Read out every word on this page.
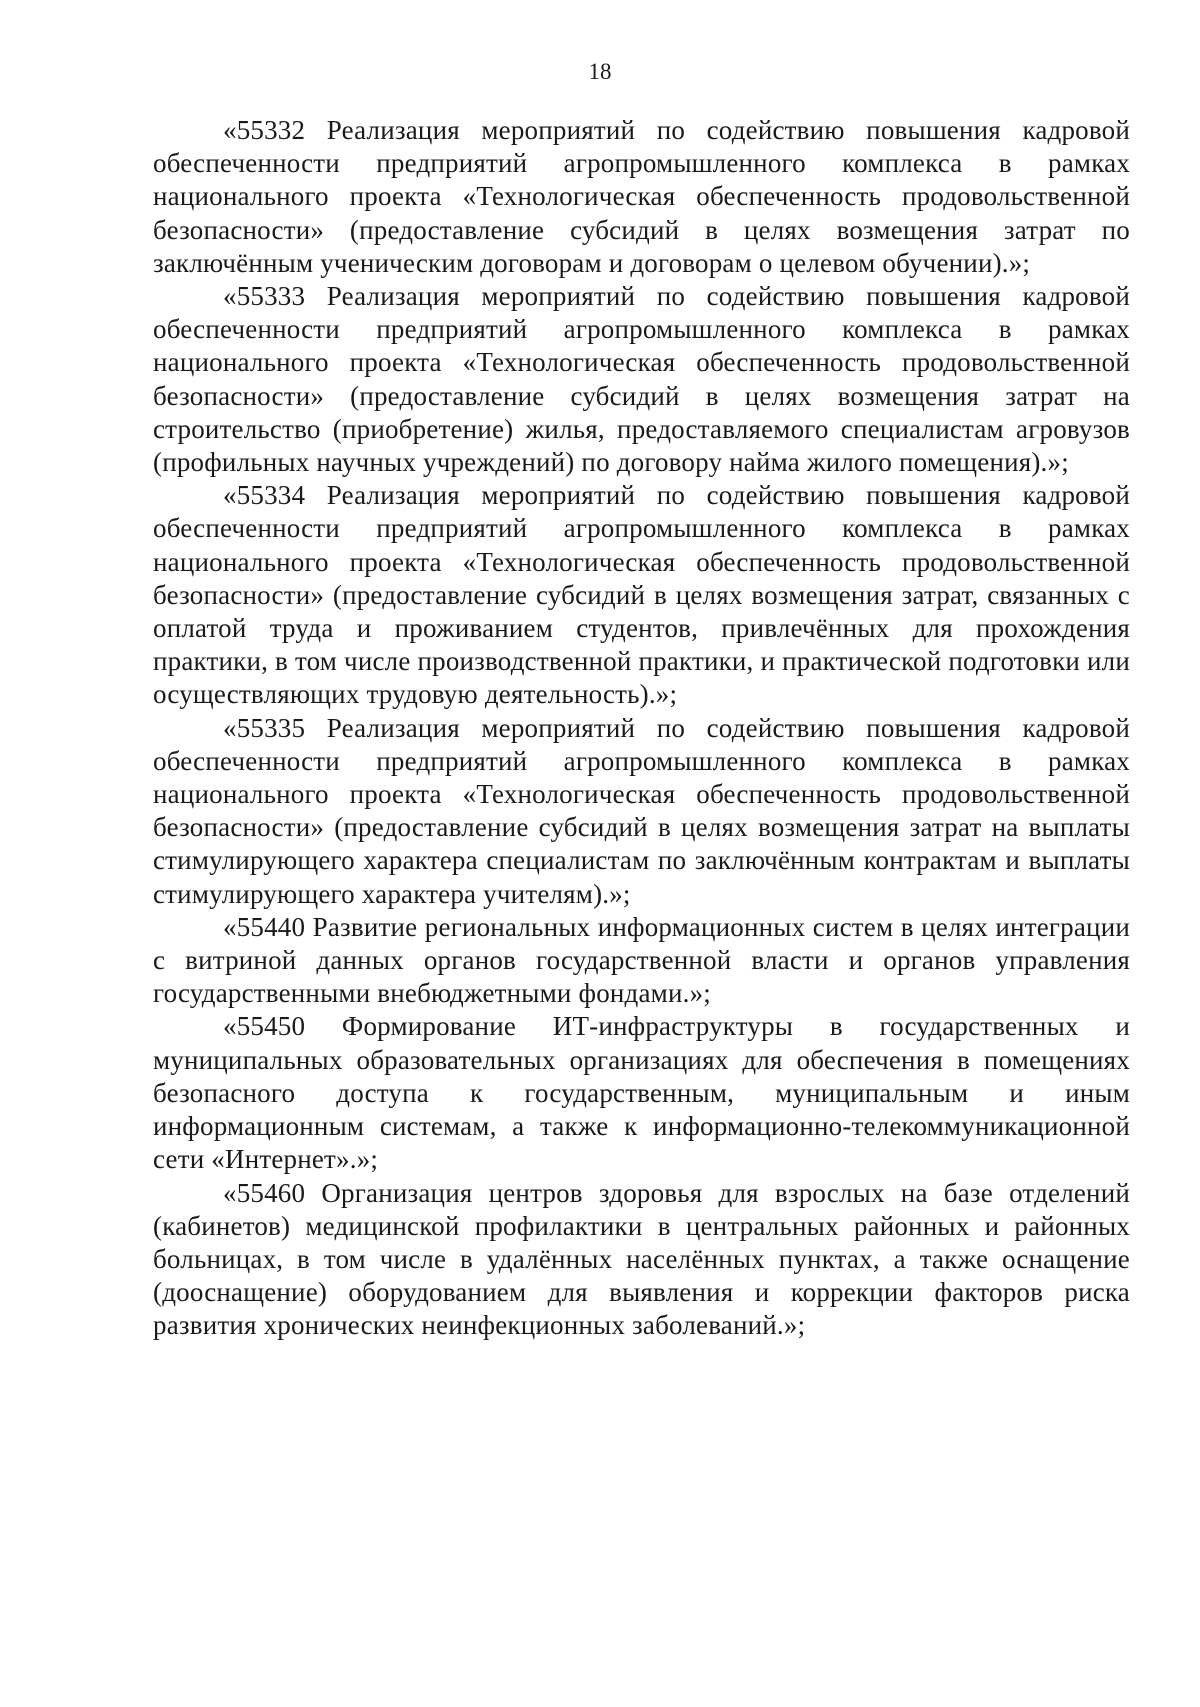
18

«55332 Реализация мероприятий по содействию повышения кадровой обеспеченности предприятий агропромышленного комплекса в рамках национального проекта «Технологическая обеспеченность продовольственной безопасности» (предоставление субсидий в целях возмещения затрат по заключённым ученическим договорам и договорам о целевом обучении).»;

«55333 Реализация мероприятий по содействию повышения кадровой обеспеченности предприятий агропромышленного комплекса в рамках национального проекта «Технологическая обеспеченность продовольственной безопасности» (предоставление субсидий в целях возмещения затрат на строительство (приобретение) жилья, предоставляемого специалистам агровузов (профильных научных учреждений) по договору найма жилого помещения).»;

«55334 Реализация мероприятий по содействию повышения кадровой обеспеченности предприятий агропромышленного комплекса в рамках национального проекта «Технологическая обеспеченность продовольственной безопасности» (предоставление субсидий в целях возмещения затрат, связанных с оплатой труда и проживанием студентов, привлечённых для прохождения практики, в том числе производственной практики, и практической подготовки или осуществляющих трудовую деятельность).»;

«55335 Реализация мероприятий по содействию повышения кадровой обеспеченности предприятий агропромышленного комплекса в рамках национального проекта «Технологическая обеспеченность продовольственной безопасности» (предоставление субсидий в целях возмещения затрат на выплаты стимулирующего характера специалистам по заключённым контрактам и выплаты стимулирующего характера учителям).»;

«55440 Развитие региональных информационных систем в целях интеграции с витриной данных органов государственной власти и органов управления государственными внебюджетными фондами.»;

«55450 Формирование ИТ-инфраструктуры в государственных и муниципальных образовательных организациях для обеспечения в помещениях безопасного доступа к государственным, муниципальным и иным информационным системам, а также к информационно-телекоммуникационной сети «Интернет».»;

«55460 Организация центров здоровья для взрослых на базе отделений (кабинетов) медицинской профилактики в центральных районных и районных больницах, в том числе в удалённых населённых пунктах, а также оснащение (дооснащение) оборудованием для выявления и коррекции факторов риска развития хронических неинфекционных заболеваний.»;
